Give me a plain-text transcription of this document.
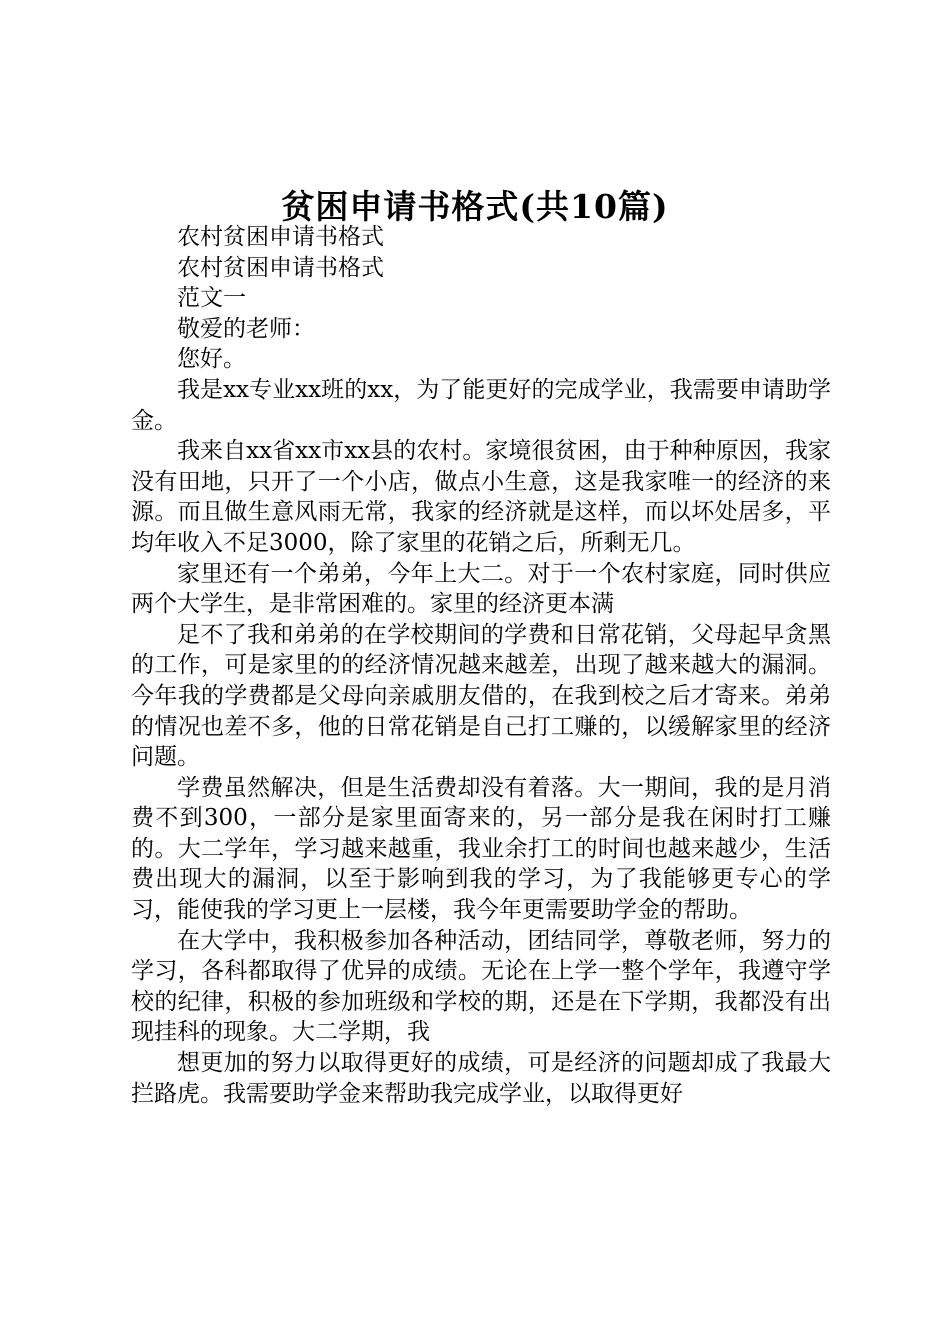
贫困申请书格式(共10篇)

农村贫困申请书格式

农村贫困申请书格式

范文一

敬爱的老师：

您好。

我是xx专业xx班的xx，为了能更好的完成学业，我需要申请助学金。

我来自xx省xx市xx县的农村。家境很贫困，由于种种原因，我家没有田地，只开了一个小店，做点小生意，这是我家唯一的经济的来源。而且做生意风雨无常，我家的经济就是这样，而以坏处居多，平均年收入不足3000，除了家里的花销之后，所剩无几。

家里还有一个弟弟，今年上大二。对于一个农村家庭，同时供应两个大学生，是非常困难的。家里的经济更本满

足不了我和弟弟的在学校期间的学费和日常花销，父母起早贪黑的工作，可是家里的的经济情况越来越差，出现了越来越大的漏洞。今年我的学费都是父母向亲戚朋友借的，在我到校之后才寄来。弟弟的情况也差不多，他的日常花销是自己打工赚的，以缓解家里的经济问题。

学费虽然解决，但是生活费却没有着落。大一期间，我的是月消费不到300，一部分是家里面寄来的，另一部分是我在闲时打工赚的。大二学年，学习越来越重，我业余打工的时间也越来越少，生活费出现大的漏洞，以至于影响到我的学习，为了我能够更专心的学习，能使我的学习更上一层楼，我今年更需要助学金的帮助。

在大学中，我积极参加各种活动，团结同学，尊敬老师，努力的学习，各科都取得了优异的成绩。无论在上学一整个学年，我遵守学校的纪律，积极的参加班级和学校的期，还是在下学期，我都没有出现挂科的现象。大二学期，我

想更加的努力以取得更好的成绩，可是经济的问题却成了我最大拦路虎。我需要助学金来帮助我完成学业，以取得更好
